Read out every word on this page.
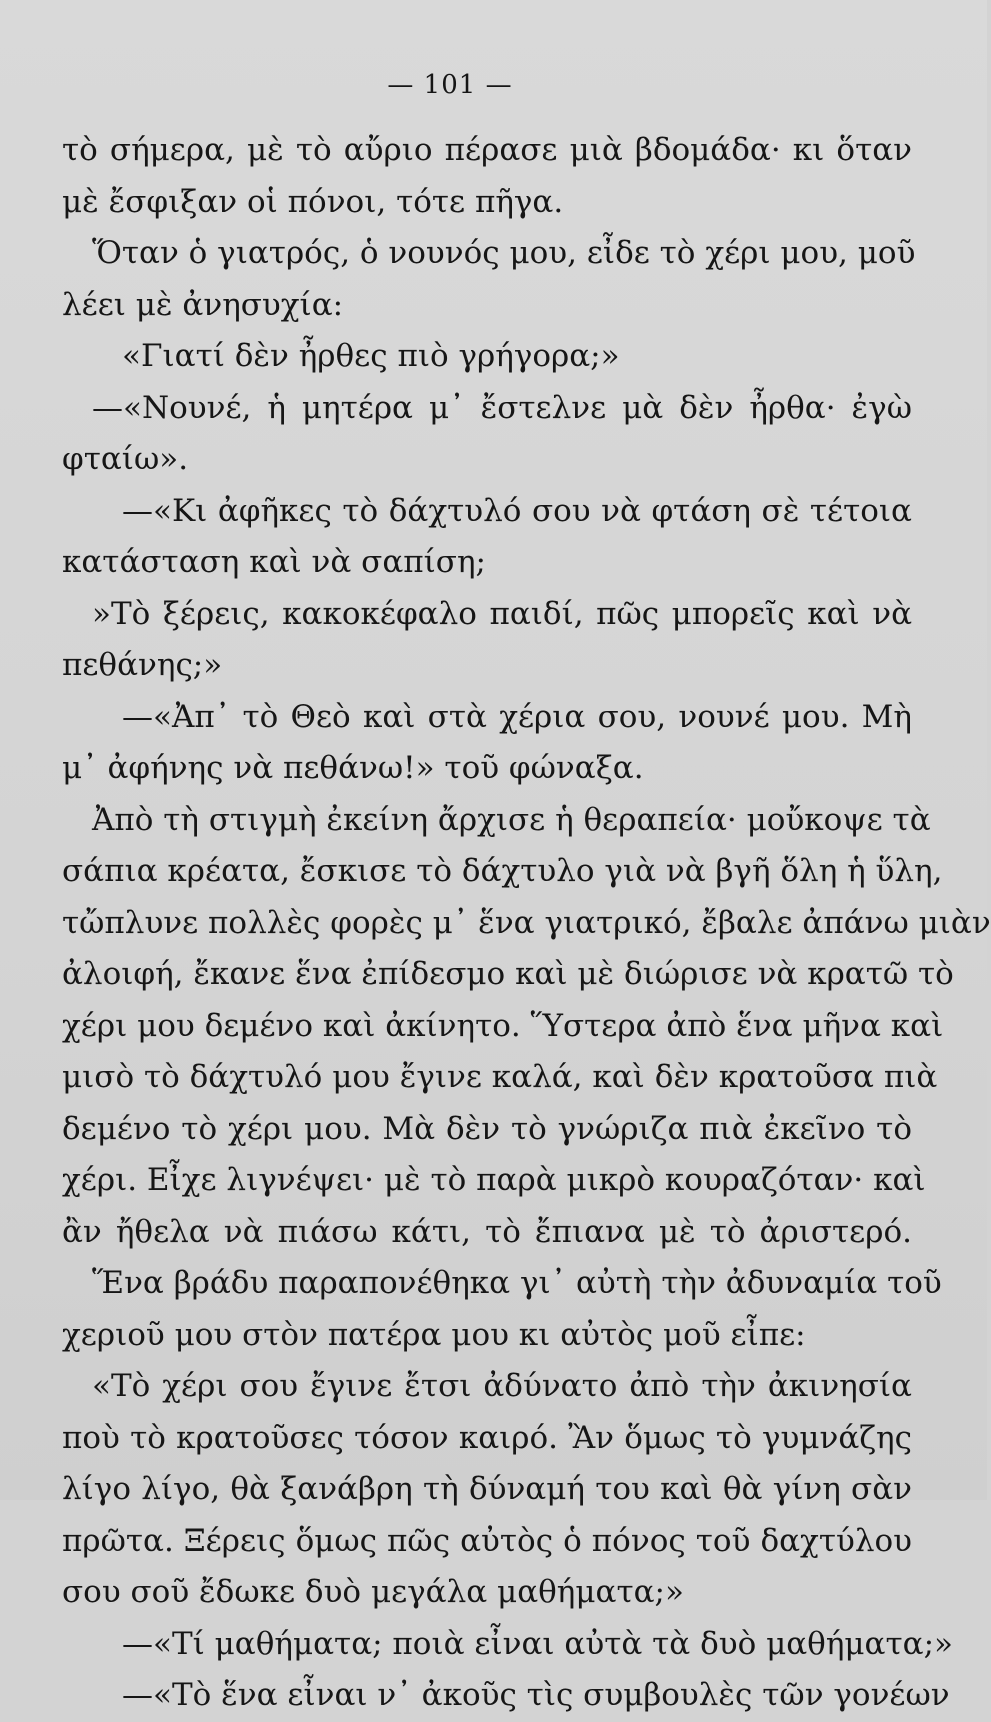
— 101 —
τὸ σήμερα, μὲ τὸ αὔριο πέρασε μιὰ βδομάδα· κι ὅταν
μὲ ἔσφιξαν οἱ πόνοι, τότε πῆγα.
Ὅταν ὁ γιατρός, ὁ νουνός μου, εἶδε τὸ χέρι μου, μοῦ
λέει μὲ ἀνησυχία:
«Γιατί δὲν ἦρθες πιὸ γρήγορα;»
—«Νουνέ, ἡ μητέρα μ᾽ ἔστελνε μὰ δὲν ἦρθα· ἐγὼ
φταίω».
—«Κι ἀφῆκες τὸ δάχτυλό σου νὰ φτάση σὲ τέτοια
κατάσταση καὶ νὰ σαπίση;
»Τὸ ξέρεις, κακοκέφαλο παιδί, πῶς μπορεῖς καὶ νὰ
πεθάνης;»
—«Ἀπ᾽ τὸ Θεὸ καὶ στὰ χέρια σου, νουνέ μου. Μὴ
μ᾽ ἀφήνης νὰ πεθάνω!» τοῦ φώναξα.
Ἀπὸ τὴ στιγμὴ ἐκείνη ἄρχισε ἡ θεραπεία· μοὔκοψε τὰ
σάπια κρέατα, ἔσκισε τὸ δάχτυλο γιὰ νὰ βγῆ ὅλη ἡ ὕλη,
τὤπλυνε πολλὲς φορὲς μ᾽ ἕνα γιατρικό, ἔβαλε ἀπάνω μιὰν
ἀλοιφή, ἔκανε ἕνα ἐπίδεσμο καὶ μὲ διώρισε νὰ κρατῶ τὸ
χέρι μου δεμένο καὶ ἀκίνητο. Ὕστερα ἀπὸ ἕνα μῆνα καὶ
μισὸ τὸ δάχτυλό μου ἔγινε καλά, καὶ δὲν κρατοῦσα πιὰ
δεμένο τὸ χέρι μου. Μὰ δὲν τὸ γνώριζα πιὰ ἐκεῖνο τὸ
χέρι. Εἶχε λιγνέψει· μὲ τὸ παρὰ μικρὸ κουραζόταν· καὶ
ἂν ἤθελα νὰ πιάσω κάτι, τὸ ἔπιανα μὲ τὸ ἀριστερό.
Ἕνα βράδυ παραπονέθηκα γι᾽ αὐτὴ τὴν ἀδυναμία τοῦ
χεριοῦ μου στὸν πατέρα μου κι αὐτὸς μοῦ εἶπε:
«Τὸ χέρι σου ἔγινε ἔτσι ἀδύνατο ἀπὸ τὴν ἀκινησία
ποὺ τὸ κρατοῦσες τόσον καιρό. Ἂν ὅμως τὸ γυμνάζης
λίγο λίγο, θὰ ξανάβρη τὴ δύναμή του καὶ θὰ γίνη σὰν
πρῶτα. Ξέρεις ὅμως πῶς αὐτὸς ὁ πόνος τοῦ δαχτύλου
σου σοῦ ἔδωκε δυὸ μεγάλα μαθήματα;»
—«Τί μαθήματα; ποιὰ εἶναι αὐτὰ τὰ δυὸ μαθήματα;»
—«Τὸ ἕνα εἶναι ν᾽ ἀκοῦς τὶς συμβουλὲς τῶν γονέων
